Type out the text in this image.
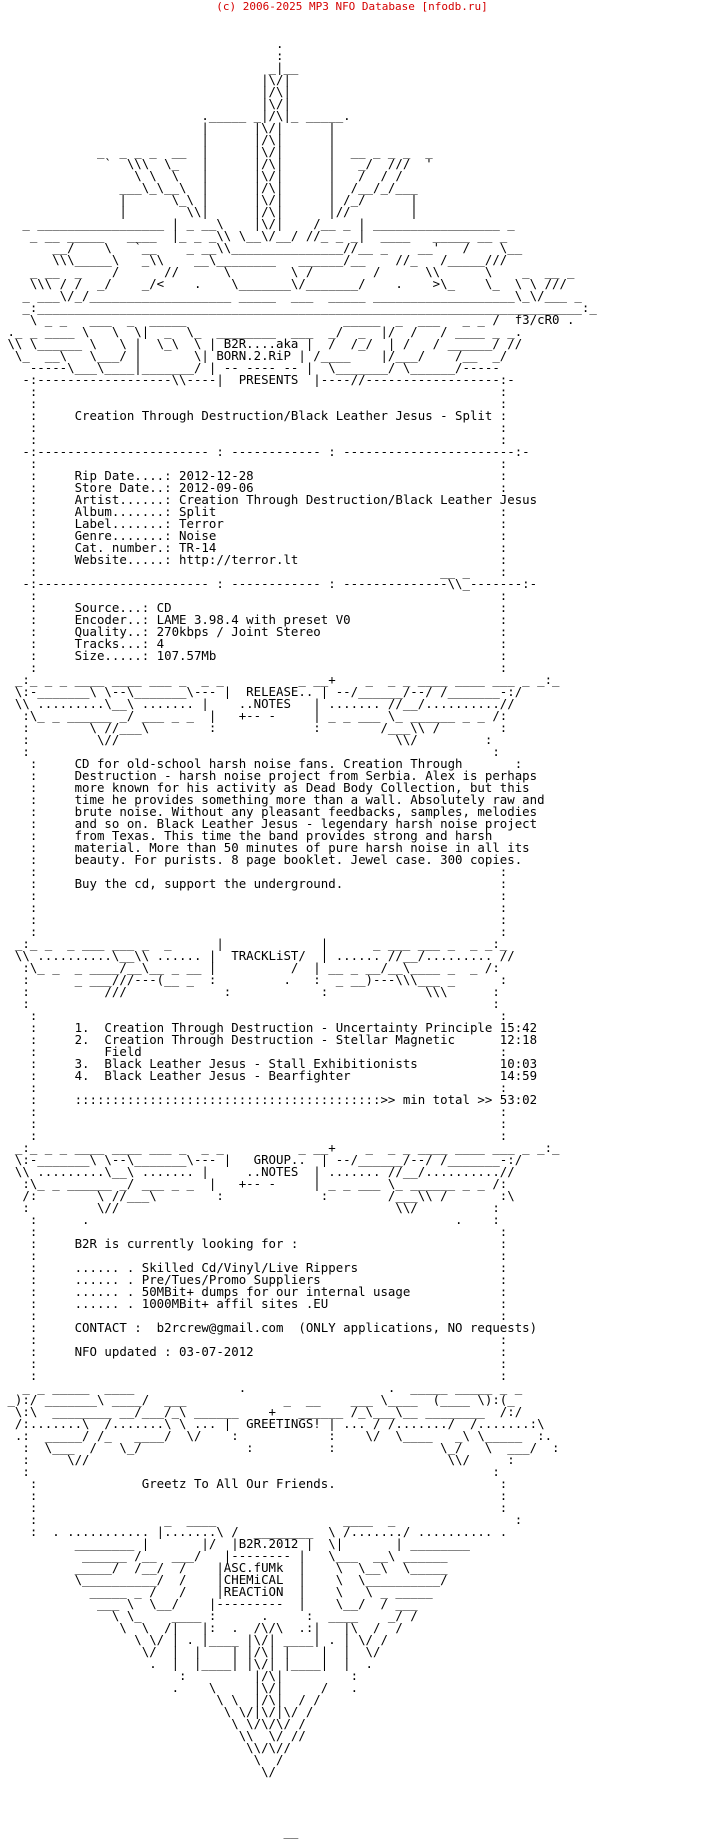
(c) 2006-2025 MP3 NFO Database [nfodb.ru]
.
:
_|__
|\/|
|/\|
|\/|
._____ _|/\|_ _____.
|      |\/|      |
|      |/\|      |
_  _ _ _  __  |      |\/|      |  __ _ _ _  _
`  \\\  \_   |      |/\|      |   _/  ///  '
\ \  \   |      |\/|      |   /  / /
___\_\__\  |      |/\|      |  /__/_/___
|      \_\ |      |\/|      | /_/      |
|        \\|      |/\|      |//        |
_ _________________ | _ __\    |\/|    /__ _ | _________________ _
_ __ _____   ____  |_ _ _\\ \__\/__/ //_ _ _|  ____   _____ __ _
__/    \   `__    _ __\\_______________//__ _    __'   /    \__
\\\_____\   _\\    __\________   ______/__    //_   /_____///
_ __  _    /      //      \        \ /        /      \\      \    _  __ _
\\\ / /  _/    _/<    .    \_______\/_______/    .    >\_    \_  \ \ ///
_ ___\/_/___________________ _____  ___  _____ ___________________\_\/___ _
_:_________________________________________________________________________:_
\ _ _   ___  _  _____                     _____  _  ___   _ _ /  f3/cR0 .
._ _ ____ \   \  \|  _  \_  ________  ___  _/  _  |/  /   / ____ _ _.
\\ \______ \   \ |  \_\  \ | B2R....aka |  /  /_/  | /   / ______/ //
\_  __\   \___/ |       \| BORN.2.RiP | /____    |/___/    /__  _/
-----\___\____|_______/ | -- ---- -- |  \_______/ \______/-----
-:------------------\\----|  PRESENTS  |----//------------------:-
:                                                              :
:                                                              :
:     Creation Through Destruction/Black Leather Jesus - Split :
:                                                              :
:                                                              :
-:----------------------- : ------------ : -----------------------:-
:                                                              :
:     Rip Date....: 2012-12-28                                 :
:     Store Date..: 2012-09-06                                 :
:     Artist......: Creation Through Destruction/Black Leather Jesus
:     Album.......: Split                                      :
:     Label.......: Terror                                     :
:     Genre.......: Noise                                      :
:     Cat. number.: TR-14                                      :
:     Website.....: http://terror.lt                           :
:                                                      __ _    :
-:----------------------- : ------------ : --------------\\_-------:-
:                                                              :
:     Source...: CD                                            :
:     Encoder..: LAME 3.98.4 with preset V0                    :
:     Quality..: 270kbps / Joint Stereo                        :
:     Tracks...: 4                                             :
:     Size.....: 107.57Mb                                      :
:                                                              :
_:_ _ _ ____ ____ ___ _  _ _          _ __+    _  _ _ ____ ____ ___ _ _:_
\:-_______\ \--\_______\--- |  RELEASE.. | --/______/--/ /_______-:/
\\ .........\__\ ....... |    ..NOTES   | ....... //__/..........//
:\_ _ ______ _/ ___ _ _  |   +-- -     | _ _ ___ \_ ______ _ _ /:
:        \ //___\        :             :        /___\\ /        :
:         \//                                     \\/         :
:                                                              :
:     CD for old-school harsh noise fans. Creation Through       :
:     Destruction - harsh noise project from Serbia. Alex is perhaps
:     more known for his activity as Dead Body Collection, but this
:     time he provides something more than a wall. Absolutely raw and
:     brute noise. Without any pleasant feedbacks, samples, melodies
:     and so on. Black Leather Jesus - legendary harsh noise project
:     from Texas. This time the band provides strong and harsh
:     material. More than 50 minutes of pure harsh noise in all its
:     beauty. For purists. 8 page booklet. Jewel case. 300 copies.
:                                                              :
:     Buy the cd, support the underground.                     :
:                                                              :
:                                                              :
:                                                              :
:                                                              :
_:_ _  _ ___ ___ _  _      |             |      _ ___ ___ _  _ _:_
\\ ..........\__\\ ...... |  TRACKLiST/  | ...... //__/......... //
:\_ _  _ ____/__\__ _ __ |          /  | __ _ __/__\____ _  _ /:
:      _ ___///---(__ _  :         .   :  _ __)---\\\___ _      :
:          ///             :            :             \\\      :
:                                                              :
:                                                              :
:     1.  Creation Through Destruction - Uncertainty Principle 15:42
:     2.  Creation Through Destruction - Stellar Magnetic      12:18
:         Field                                                :
:     3.  Black Leather Jesus - Stall Exhibitionists           10:03
:     4.  Black Leather Jesus - Bearfighter                    14:59
:                                                              :
:     :::::::::::::::::::::::::::::::::::::::::>> min total >> 53:02
:                                                              :
:                                                              :
:                                                              :
_:_ _ _ ____ ____ ___ _  _ _          _ __+    _  _ _ ____ ____ ___ _ _:_
\:-_______\ \--\_______\--- |   GROUP..  | --/______/--/ /_______-:/
\\ .........\__\ ....... |     ..NOTES  | ....... //__/..........//
:\_ _ ______ _/ ___ _ _  |   +-- -     | _ _ ___ \_ ______ _ _ /:
/:        \ //___\        :             :        /___\\ /       :\
:         \//                                     \\/          :
:      .                                                 .    :
:                                                              :
:     B2R is currently looking for :                           :
:                                                              :
:     ...... . Skilled Cd/Vinyl/Live Rippers                   :
:     ...... . Pre/Tues/Promo Suppliers                        :
:     ...... . 50MBit+ dumps for our internal usage            :
:     ...... . 1000MBit+ affil sites .EU                       :
:                                                              :
:     CONTACT :  b2rcrew@gmail.com  (ONLY applications, NO requests)
:                                                              :
:     NFO updated : 03-07-2012                                 :
:                                                              :
:                                                              :
_ _ _____  ____              .                   .  _____ _____ _ _
_):/ _______\ ____/  ___             _  __    ___ \____  (____ \):(_
\:\  ________ __/___/_\ ______    +   ______ /_\___\__ ________  /:/
/:.......\  /.......\ \ ... |  GREETINGS! | ... / /......./  /.......:\
.:  _____/ /_   ____/  \/    :            :    \/  \____   _\ \_____  :.
:  \___  /   \_/              :          :              \_/   \  ___/  :
:     \//                                                \\/     :
:                                                              :
:              Greetz To All Our Friends.                      :
:                                                              :
:                                                              :
:                 _  ____                 ____  _                :
:  . ........... |.......\ /  ________  \ /......./ .......... .
________ |       |/  |B2R.2012 |  \|       | ________
______ /__  ___/   |-------- |   \___  __\ ______
_____/  /__/  /    |ASC.fUMk  |    \  \__\  \_____
\__________/  /    |CHEMiCAL  |    \  \__________/
_____ _ /   /    |REACTiON  |    \   \ _ _____
___ \  \__/    |---------  |    \__/  / ___
\ \_    ____ :      .     :  ____    _/ /
\  \  /|   |:  .  /\/\  .:|   |\  /  /
\ \/ | . |____ |\/| ____| . | \/ /
\/  |  |    | |/\| |    |  |  \/
.  |  |____| |\/| |____|  |  .
:         |/\|         :
.    \     |\/|     /   .
\ \  |/\|  / /
\ \/|\/|\/ /
\ \/\/\/ /
\\  \/ //
\\/\//
\  /
\/
__
